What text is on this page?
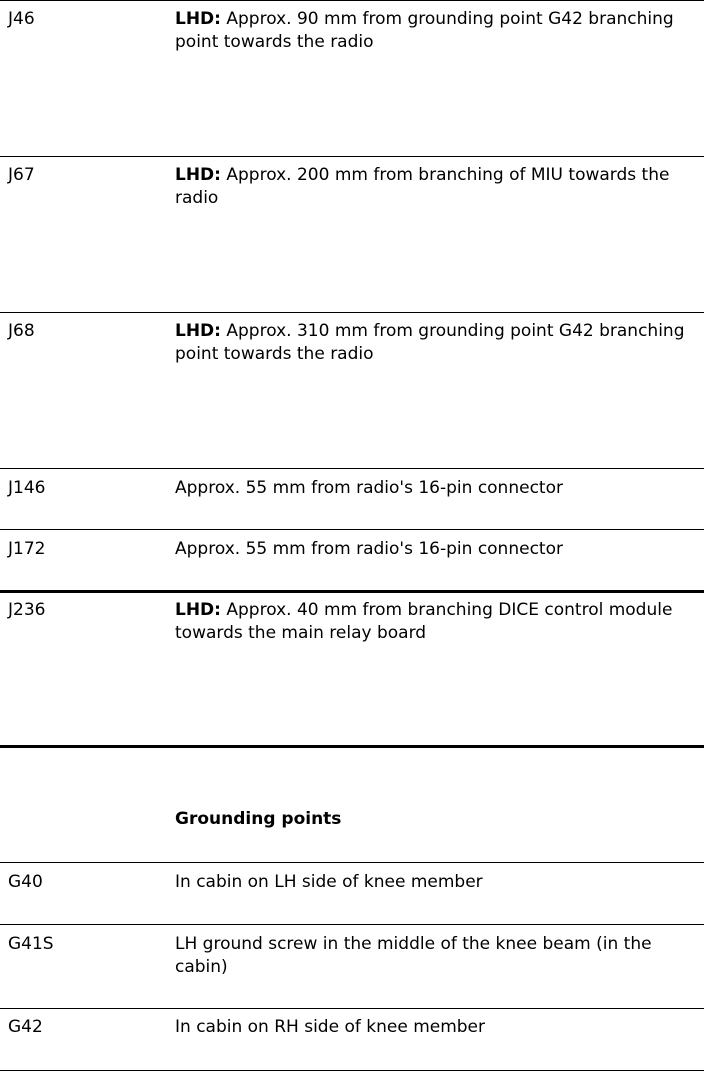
J46	LHD: Approx. 90 mm from grounding point G42 branching point towards the radio
J67	LHD: Approx. 200 mm from branching of MIU towards the radio
J68	LHD: Approx. 310 mm from grounding point G42 branching point towards the radio
J146	Approx. 55 mm from radio's 16-pin connector
J172	Approx. 55 mm from radio's 16-pin connector
J236	LHD: Approx. 40 mm from branching DICE control module towards the main relay board
Grounding points
G40	In cabin on LH side of knee member
G41S	LH ground screw in the middle of the knee beam (in the cabin)
G42	In cabin on RH side of knee member
